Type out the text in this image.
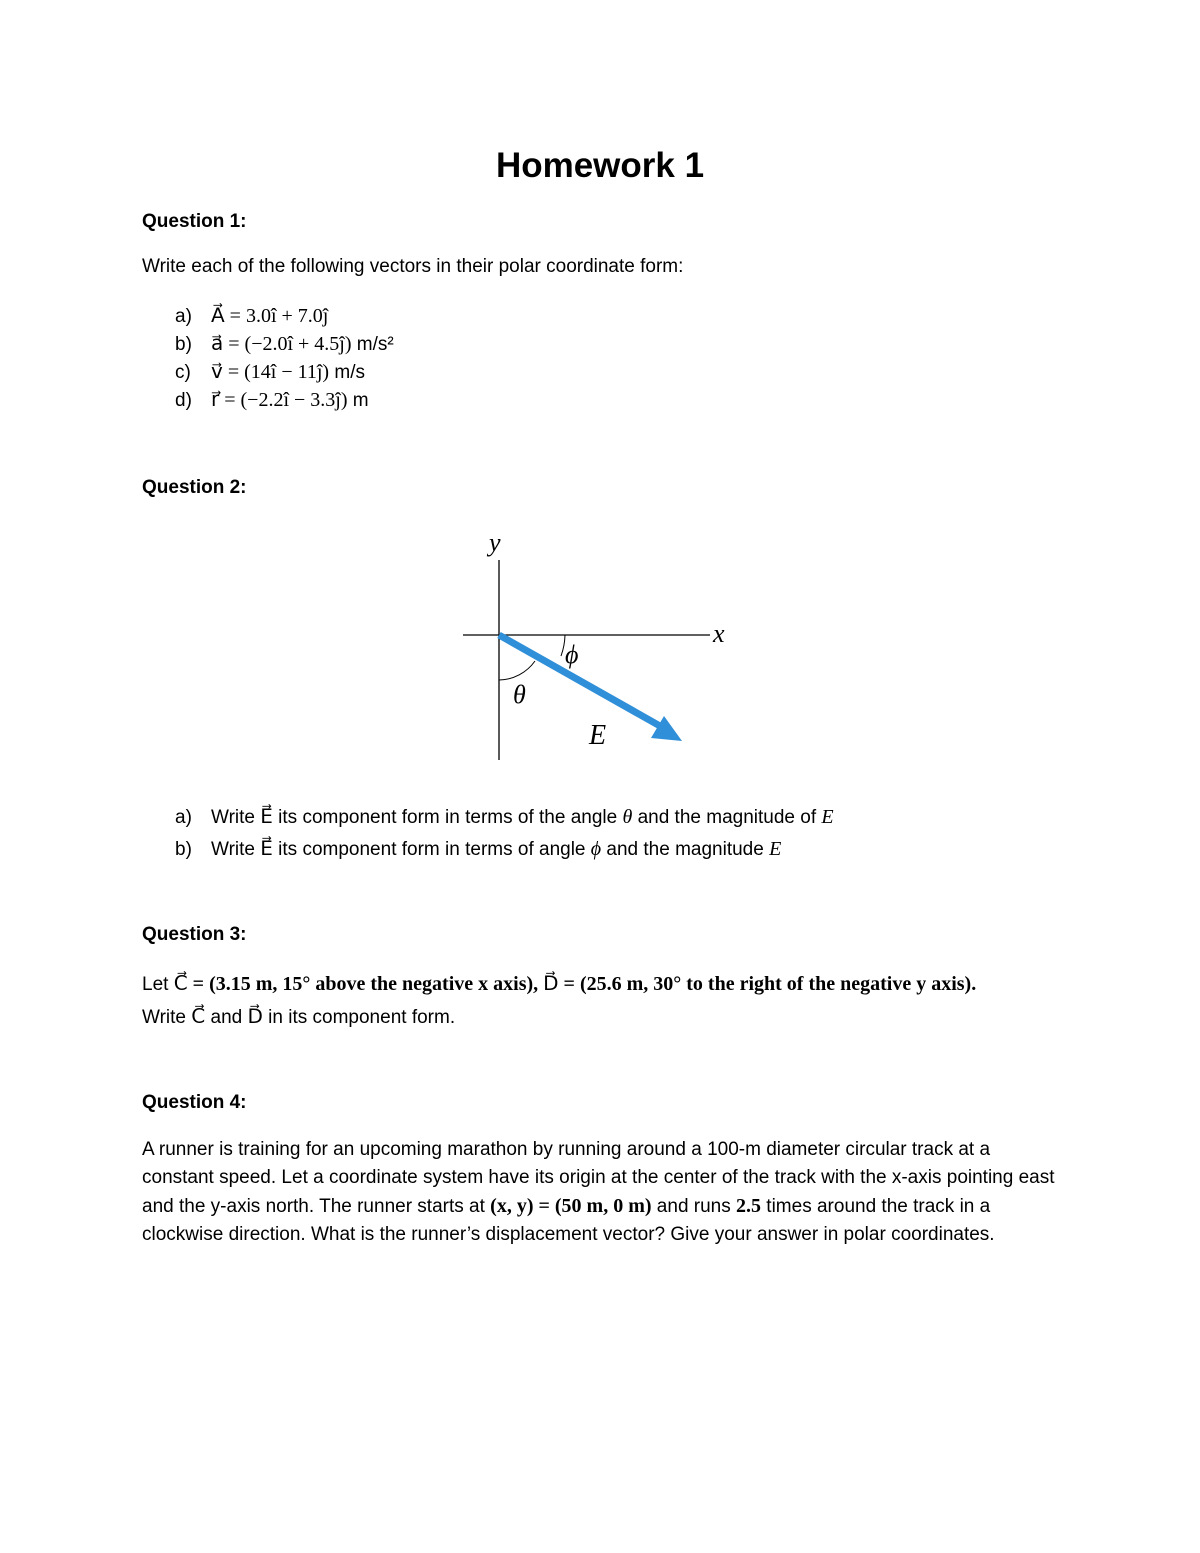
Homework 1
Question 1:
Write each of the following vectors in their polar coordinate form:
a) A⃗ = 3.0î + 7.0ĵ
b) a⃗ = (−2.0î + 4.5ĵ) m/s²
c) v⃗ = (14î − 11ĵ) m/s
d) r⃗ = (−2.2î − 3.3ĵ) m
Question 2:
y
x
ϕ
θ
E⃗
a) Write E⃗ its component form in terms of the angle θ and the magnitude of E
b) Write E⃗ its component form in terms of angle ϕ and the magnitude E
Question 3:
Let C⃗ = (3.15 m, 15° above the negative x axis), D⃗ = (25.6 m, 30° to the right of the negative y axis).
Write C⃗ and D⃗ in its component form.
Question 4:
A runner is training for an upcoming marathon by running around a 100-m diameter circular track at a constant speed. Let a coordinate system have its origin at the center of the track with the x-axis pointing east and the y-axis north. The runner starts at (x, y) = (50 m, 0 m) and runs 2.5 times around the track in a clockwise direction. What is the runner’s displacement vector? Give your answer in polar coordinates.
